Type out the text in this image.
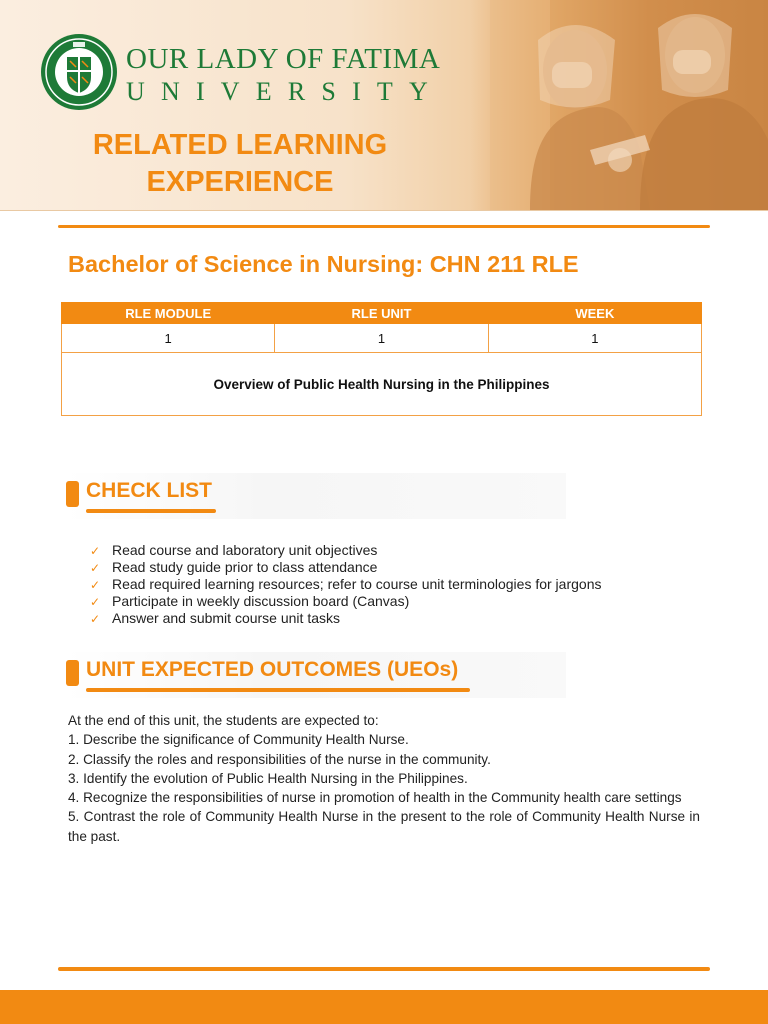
OUR LADY OF FATIMA
UNIVERSITY
RELATED LEARNING
EXPERIENCE
Bachelor of Science in Nursing: CHN 211 RLE
RLE MODULE	RLE UNIT	WEEK
1	1	1
Overview of Public Health Nursing in the Philippines		
CHECK LIST
✓ Read course and laboratory unit objectives
✓ Read study guide prior to class attendance
✓ Read required learning resources; refer to course unit terminologies for jargons
✓ Participate in weekly discussion board (Canvas)
✓ Answer and submit course unit tasks
UNIT EXPECTED OUTCOMES (UEOs)

At the end of this unit, the students are expected to:

1. Describe the significance of Community Health Nurse.

2. Classify the roles and responsibilities of the nurse in the community.

3. Identify the evolution of Public Health Nursing in the Philippines.

4. Recognize the responsibilities of nurse in promotion of health in the Community health care settings

5. Contrast the role of Community Health Nurse in the present to the role of Community Health Nurse in the past.
